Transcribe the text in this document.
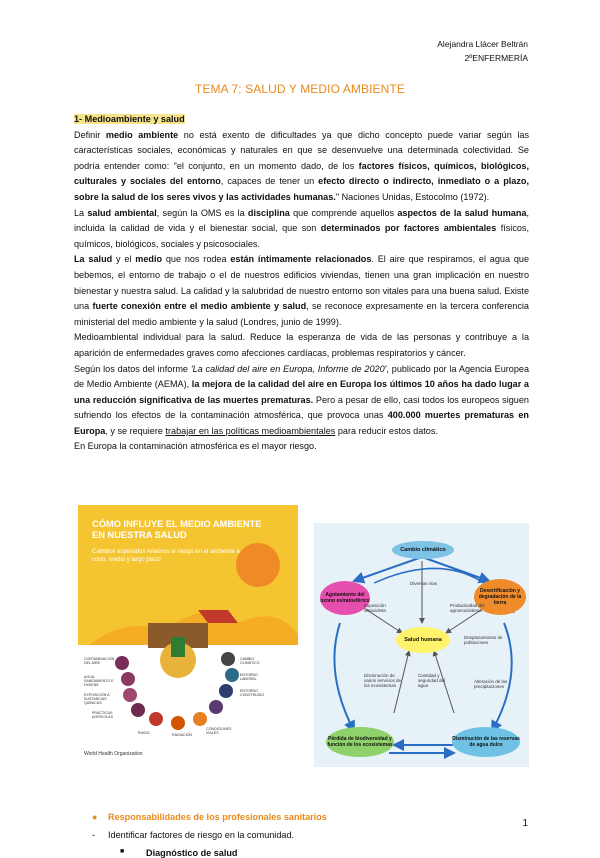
Alejandra Llácer Beltrán
2ºENFERMERÍA
TEMA 7: SALUD Y MEDIO AMBIENTE

1- Medioambiente y salud

Definir medio ambiente no está exento de dificultades ya que dicho concepto puede variar según las características sociales, económicas y naturales en que se desenvuelve una determinada colectividad. Se podría entender como: "el conjunto, en un momento dado, de los factores físicos, químicos, biológicos, culturales y sociales del entorno, capaces de tener un efecto directo o indirecto, inmediato o a plazo, sobre la salud de los seres vivos y las actividades humanas." Naciones Unidas, Estocolmo (1972).

La salud ambiental, según la OMS es la disciplina que comprende aquellos aspectos de la salud humana, incluida la calidad de vida y el bienestar social, que son determinados por factores ambientales físicos, químicos, biológicos, sociales y psicosociales.

La salud y el medio que nos rodea están íntimamente relacionados. El aire que respiramos, el agua que bebemos, el entorno de trabajo o el de nuestros edificios viviendas, tienen una gran implicación en nuestro bienestar y nuestra salud. La calidad y la salubridad de nuestro entorno son vitales para una buena salud. Existe una fuerte conexión entre el medio ambiente y salud, se reconoce expresamente en la tercera conferencia ministerial del medio ambiente y la salud (Londres, junio de 1999).

Medioambiental individual para la salud. Reduce la esperanza de vida de las personas y contribuye a la aparición de enfermedades graves como afecciones cardíacas, problemas respiratorios y cáncer.

Según los datos del informe 'La calidad del aire en Europa, Informe de 2020', publicado por la Agencia Europea de Medio Ambiente (AEMA), la mejora de la calidad del aire en Europa los últimos 10 años ha dado lugar a una reducción significativa de las muertes prematuras. Pero a pesar de ello, casi todos los europeos siguen sufriendo los efectos de la contaminación atmosférica, que provoca unas 400.000 muertes prematuras en Europa, y se requiere trabajar en las políticas medioambientales para reducir estos datos.

En Europa la contaminación atmosférica es el mayor riesgo.

CÓMO INFLUYE EL MEDIO AMBIENTE EN NUESTRA SALUD
Cambios esperados relativos al riesgo en el ambiente a corto, medio y largo plazo
CONTAMINACIÓN DEL AIRE
AGUA, SANEAMIENTO E HIGIENE
EXPOSICIÓN A SUSTANCIAS QUÍMICAS
PRÁCTICAS AGRÍCOLAS
RUIDO	RADIACIÓN
CONDICIONES VIALES
CAMBIO CLIMÁTICO
ENTORNO LABORAL
ENTORNO CONSTRUIDO
World Health Organization
Cambio climático
Agotamiento del ozono estratosférico
Desertificación y degradación de la tierra
Salud humana
Pérdida de biodiversidad y función de los ecosistemas
Disminución de las reservas de agua dulce
Diversas vías
Exposición ultravioleta
Productividad del agroecosistema
Desplazamiento de poblaciones
Disminución de varios servicios de los ecosistemas
Cantidad y seguridad del agua
Alteración de las precipitaciones
● Responsabilidades de los profesionales sanitarios
- Identificar factores de riesgo en la comunidad.
■ Diagnóstico de salud
1
